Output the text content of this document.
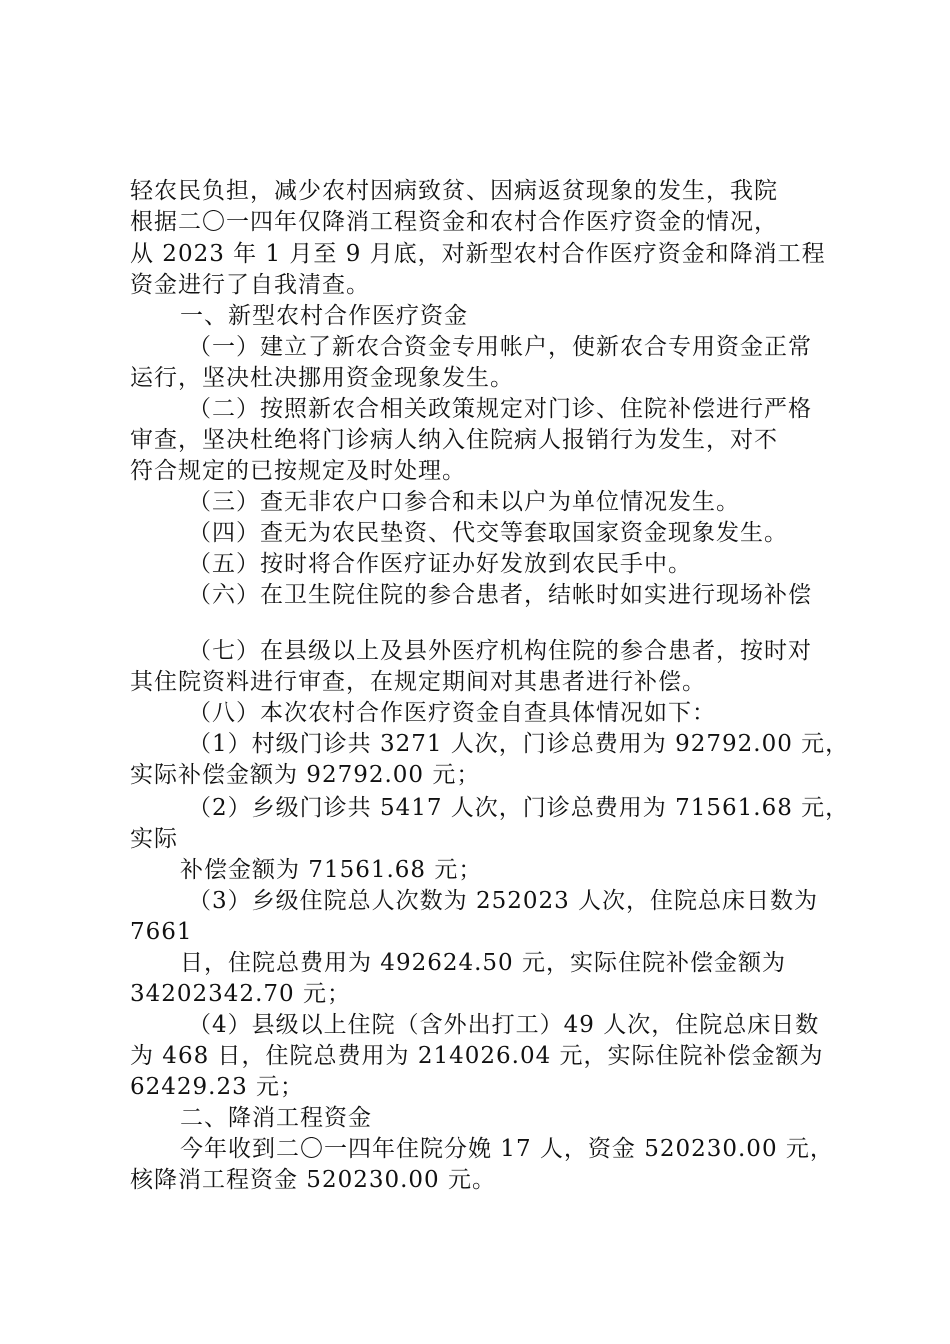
轻农民负担，减少农村因病致贫、因病返贫现象的发生，我院
根据二〇一四年仅降消工程资金和农村合作医疗资金的情况，
从 2023 年 1 月至 9 月底，对新型农村合作医疗资金和降消工程
资金进行了自我清查。
一、新型农村合作医疗资金
（一）建立了新农合资金专用帐户，使新农合专用资金正常
运行，坚决杜决挪用资金现象发生。
（二）按照新农合相关政策规定对门诊、住院补偿进行严格
审查，坚决杜绝将门诊病人纳入住院病人报销行为发生，对不
符合规定的已按规定及时处理。
（三）查无非农户口参合和未以户为单位情况发生。
（四）查无为农民垫资、代交等套取国家资金现象发生。
（五）按时将合作医疗证办好发放到农民手中。
（六）在卫生院住院的参合患者，结帐时如实进行现场补偿
（七）在县级以上及县外医疗机构住院的参合患者，按时对
其住院资料进行审查，在规定期间对其患者进行补偿。
（八）本次农村合作医疗资金自查具体情况如下：
（1）村级门诊共 3271 人次，门诊总费用为 92792.00 元，
实际补偿金额为 92792.00 元；
（2）乡级门诊共 5417 人次，门诊总费用为 71561.68 元，
实际
补偿金额为 71561.68 元；
（3）乡级住院总人次数为 252023 人次，住院总床日数为
7661
日，住院总费用为 492624.50 元，实际住院补偿金额为
34202342.70 元；
（4）县级以上住院（含外出打工）49 人次，住院总床日数
为 468 日，住院总费用为 214026.04 元，实际住院补偿金额为
62429.23 元；
二、降消工程资金
今年收到二〇一四年住院分娩 17 人，资金 520230.00 元，
核降消工程资金 520230.00 元。
